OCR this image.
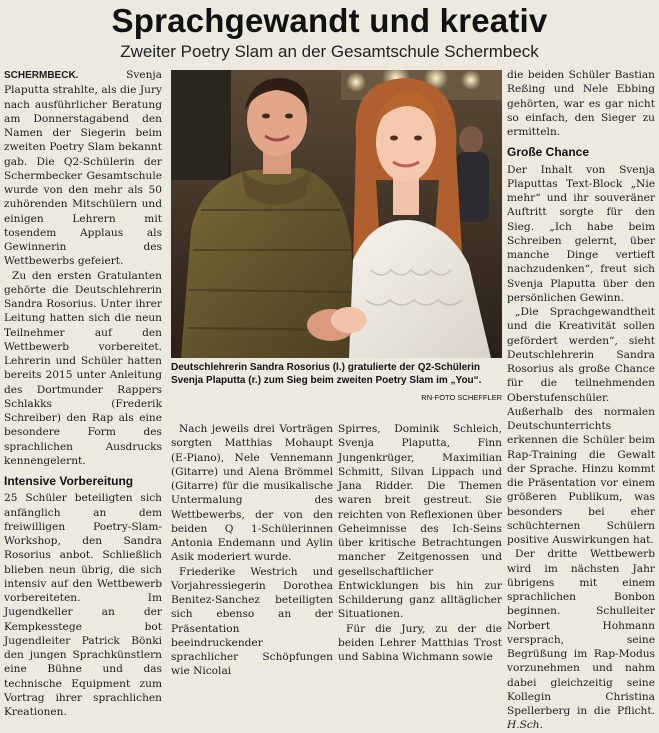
Sprachgewandt und kreativ
Zweiter Poetry Slam an der Gesamtschule Schermbeck

SCHERMBECK.	Svenja Plaputta strahlte, als die Jury nach ausführlicher Beratung am Donnerstagabend den Namen der Siegerin beim zweiten Poetry Slam bekannt gab. Die Q2-Schülerin der Schermbecker Gesamtschule wurde von den mehr als 50 zuhörenden Mitschülern und einigen Lehrern mit tosendem Applaus als Gewinnerin des Wettbewerbs gefeiert.

Zu den ersten Gratulanten gehörte die Deutschlehrerin Sandra Rosorius. Unter ihrer Leitung hatten sich die neun Teilnehmer auf den Wettbewerb vorbereitet. Lehrerin und Schüler hatten bereits 2015 unter Anleitung des Dortmunder Rappers Schlakks (Frederik Schreiber) den Rap als eine besondere Form des sprachlichen Ausdrucks kennengelernt.

Intensive Vorbereitung

25 Schüler beteiligten sich anfänglich an dem freiwilligen Poetry-Slam-Workshop, den Sandra Rosorius anbot. Schließlich blieben neun übrig, die sich intensiv auf den Wettbewerb vorbereiteten. Im Jugendkeller an der Kempkesstege bot Jugendleiter Patrick Bönki den jungen Sprachkünstlern eine Bühne und das technische Equipment zum Vortrag ihrer sprachlichen Kreationen.

Deutschlehrerin Sandra Rosorius (l.) gratulierte der Q2-Schülerin Svenja Plaputta (r.) zum Sieg beim zweiten Poetry Slam im „You“.
RN-FOTO SCHEFFLER

Nach jeweils drei Vorträgen sorgten Matthias Mohaupt (E-Piano), Nele Vennemann (Gitarre) und Alena Brömmel (Gitarre) für die musikalische Untermalung des Wettbewerbs, der von den beiden Q 1-Schülerinnen Antonia Endemann und Aylin Asik moderiert wurde.

Friederike Westrich und Vorjahressiegerin Dorothea Benitez-Sanchez beteiligten sich ebenso an der Präsentation beeindruckender sprachlicher Schöpfungen wie Nicolai

Spirres, Dominik Schleich, Svenja Plaputta, Finn Jungenkrüger, Maximilian Schmitt, Silvan Lippach und Jana Ridder. Die Themen waren breit gestreut. Sie reichten von Reflexionen über Geheimnisse des Ich-Seins über kritische Betrachtungen mancher Zeitgenossen und gesellschaftlicher Entwicklungen bis hin zur Schilderung ganz alltäglicher Situationen.

Für die Jury, zu der die beiden Lehrer Matthias Trost und Sabina Wichmann sowie

die beiden Schüler Bastian Reßing und Nele Ebbing gehörten, war es gar nicht so einfach, den Sieger zu ermitteln.

Große Chance

Der Inhalt von Svenja Plaputtas Text-Block „Nie mehr“ und ihr souveräner Auftritt sorgte für den Sieg. „Ich habe beim Schreiben gelernt, über manche Dinge vertieft nachzudenken“, freut sich Svenja Plaputta über den persönlichen Gewinn.

„Die Sprachgewandtheit und die Kreativität sollen gefördert werden“, sieht Deutschlehrerin Sandra Rosorius als große Chance für die teilnehmenden Oberstufenschüler. Außerhalb des normalen Deutschunterrichts erkennen die Schüler beim Rap-Training die Gewalt der Sprache. Hinzu kommt die Präsentation vor einem größeren Publikum, was besonders bei eher schüchternen Schülern positive Auswirkungen hat.

Der dritte Wettbewerb wird im nächsten Jahr übrigens mit einem sprachlichen Bonbon beginnen. Schulleiter Norbert Hohmann versprach, seine Begrüßung im Rap-Modus vorzunehmen und nahm dabei gleichzeitig seine Kollegin Christina Spellerberg in die Pflicht. H.Sch.
